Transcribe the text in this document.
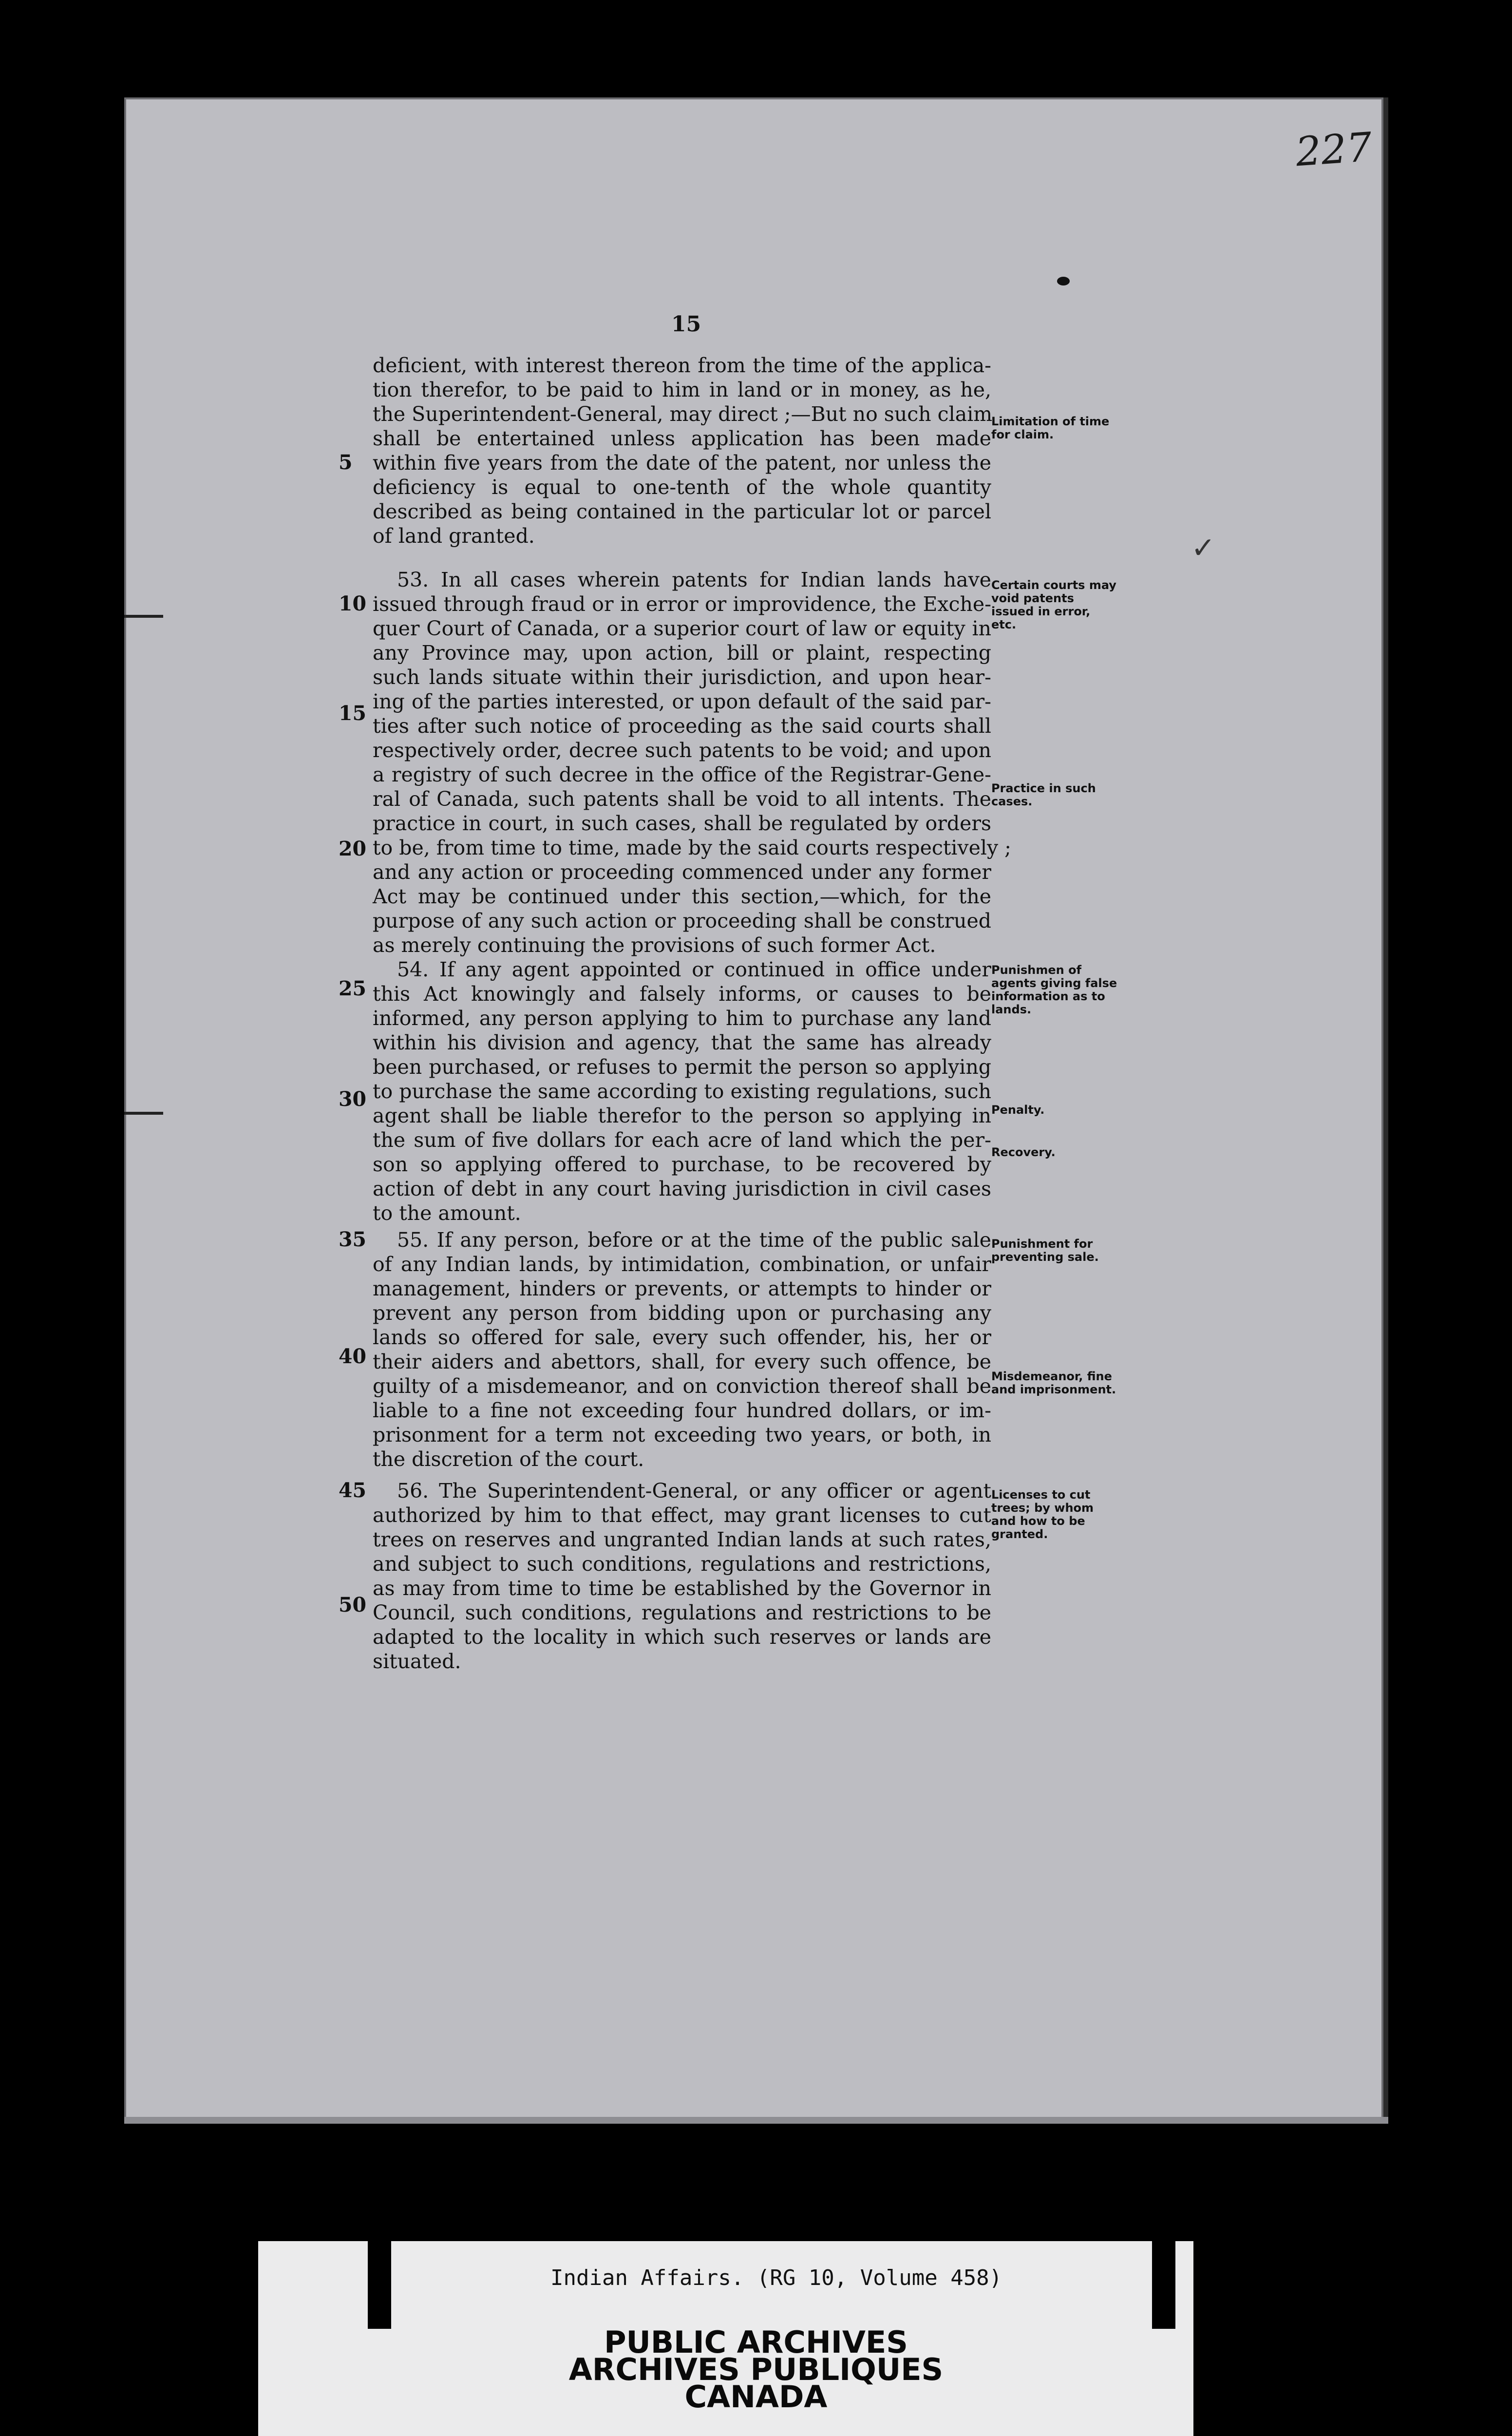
227
✓
15
deficient, with interest thereon from the time of the applica-
tion therefor, to be paid to him in land or in money, as he,
the Superintendent-General, may direct ;—But no such claim
shall be entertained unless application has been made
within five years from the date of the patent, nor unless the
deficiency is equal to one-tenth of the whole quantity
described as being contained in the particular lot or parcel
of land granted.
5
Limitation of time for claim.
53. In all cases wherein patents for Indian lands have
issued through fraud or in error or improvidence, the Exche-
quer Court of Canada, or a superior court of law or equity in
any Province may, upon action, bill or plaint, respecting
such lands situate within their jurisdiction, and upon hear-
ing of the parties interested, or upon default of the said par-
ties after such notice of proceeding as the said courts shall
respectively order, decree such patents to be void; and upon
a registry of such decree in the office of the Registrar-Gene-
ral of Canada, such patents shall be void to all intents. The
practice in court, in such cases, shall be regulated by orders
to be, from time to time, made by the said courts respectively ;
and any action or proceeding commenced under any former
Act may be continued under this section,—which, for the
purpose of any such action or proceeding shall be construed
as merely continuing the provisions of such former Act.
10
15
20
Certain courts may void patents issued in error, etc.
Practice in such cases.
54. If any agent appointed or continued in office under
this Act knowingly and falsely informs, or causes to be
informed, any person applying to him to purchase any land
within his division and agency, that the same has already
been purchased, or refuses to permit the person so applying
to purchase the same according to existing regulations, such
agent shall be liable therefor to the person so applying in
the sum of five dollars for each acre of land which the per-
son so applying offered to purchase, to be recovered by
action of debt in any court having jurisdiction in civil cases
to the amount.
25
30
Punishmen of agents giving false information as to lands.
Penalty.
Recovery.
55. If any person, before or at the time of the public sale
of any Indian lands, by intimidation, combination, or unfair
management, hinders or prevents, or attempts to hinder or
prevent any person from bidding upon or purchasing any
lands so offered for sale, every such offender, his, her or
their aiders and abettors, shall, for every such offence, be
guilty of a misdemeanor, and on conviction thereof shall be
liable to a fine not exceeding four hundred dollars, or im-
prisonment for a term not exceeding two years, or both, in
the discretion of the court.
35
40
Punishment for preventing sale.
Misdemeanor, fine and imprisonment.
56. The Superintendent-General, or any officer or agent
authorized by him to that effect, may grant licenses to cut
trees on reserves and ungranted Indian lands at such rates,
and subject to such conditions, regulations and restrictions,
as may from time to time be established by the Governor in
Council, such conditions, regulations and restrictions to be
adapted to the locality in which such reserves or lands are
situated.
45
50
Licenses to cut trees; by whom and how to be granted.
Indian Affairs. (RG 10, Volume 458)
PUBLIC ARCHIVES
ARCHIVES PUBLIQUES
CANADA
